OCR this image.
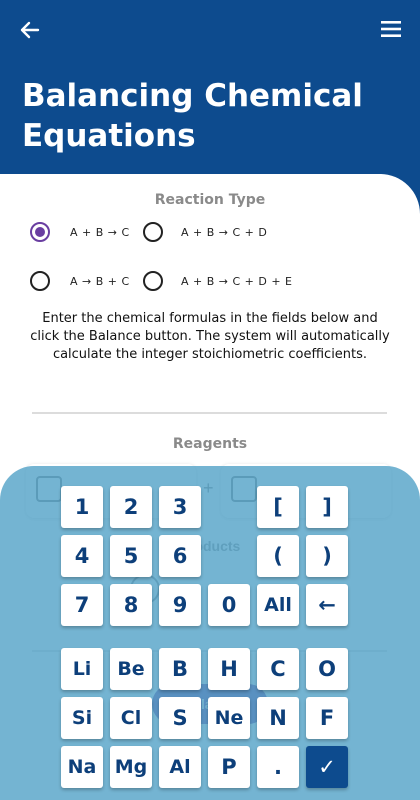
Balancing Chemical Equations
Reaction Type
A + B → C	A + B → C + D
A → B + C	A + B → C + D + E
Enter the chemical formulas in the fields below and click the Balance button. The system will automatically calculate the integer stoichiometric coefficients.
Reagents
1	2	3	[	]
4	5	6	(	)
7	8	9	0	All	←
Li	Be	B	H	C	O
Si	Cl	S	Ne	N	F
Na Mg	Al	P	.	✓
